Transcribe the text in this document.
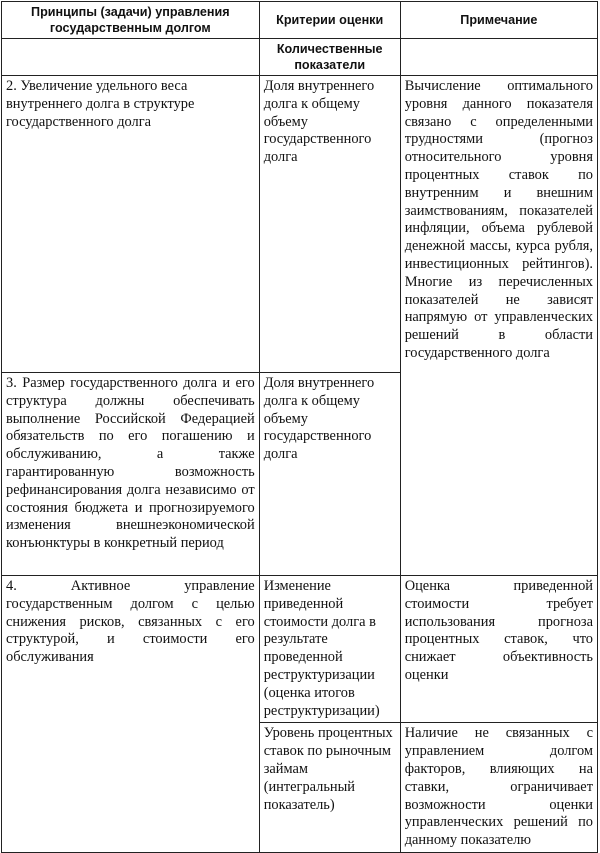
Принципы (задачи) управления государственным долгом	Критерии оценки	Примечание
	Количественные показатели	
2. Увеличение удельного веса внутреннего долга в структуре государственного долга	Доля внутреннего долга к общему объему государственного долга	Вычисление оптимального уровня данного показателя связано с определенными трудностями (прогноз относительного уровня процентных ставок по внутренним и внешним заимствованиям, показателей инфляции, объема рублевой денежной массы, курса рубля, инвестиционных рейтингов). Многие из перечисленных показателей не зависят напрямую от управленческих решений в области государственного долга
3. Размер государственного долга и его структура должны обеспечивать выполнение Российской Федерацией обязательств по его погашению и обслуживанию, а также гарантированную возможность рефинансирования долга независимо от состояния бюджета и прогнозируемого изменения внешнеэкономической конъюнктуры в конкретный период	Доля внутреннего долга к общему объему государственного долга	
4. Активное управление государственным долгом с целью снижения рисков, связанных с его структурой, и стоимости его обслуживания	Изменение приведенной стоимости долга в результате проведенной реструктуризации (оценка итогов реструктуризации)	Оценка приведенной стоимости требует использования прогноза процентных ставок, что снижает объективность оценки
	Уровень процентных ставок по рыночным займам (интегральный показатель)	Наличие не связанных с управлением долгом факторов, влияющих на ставки, ограничивает возможности оценки управленческих решений по данному показателю
